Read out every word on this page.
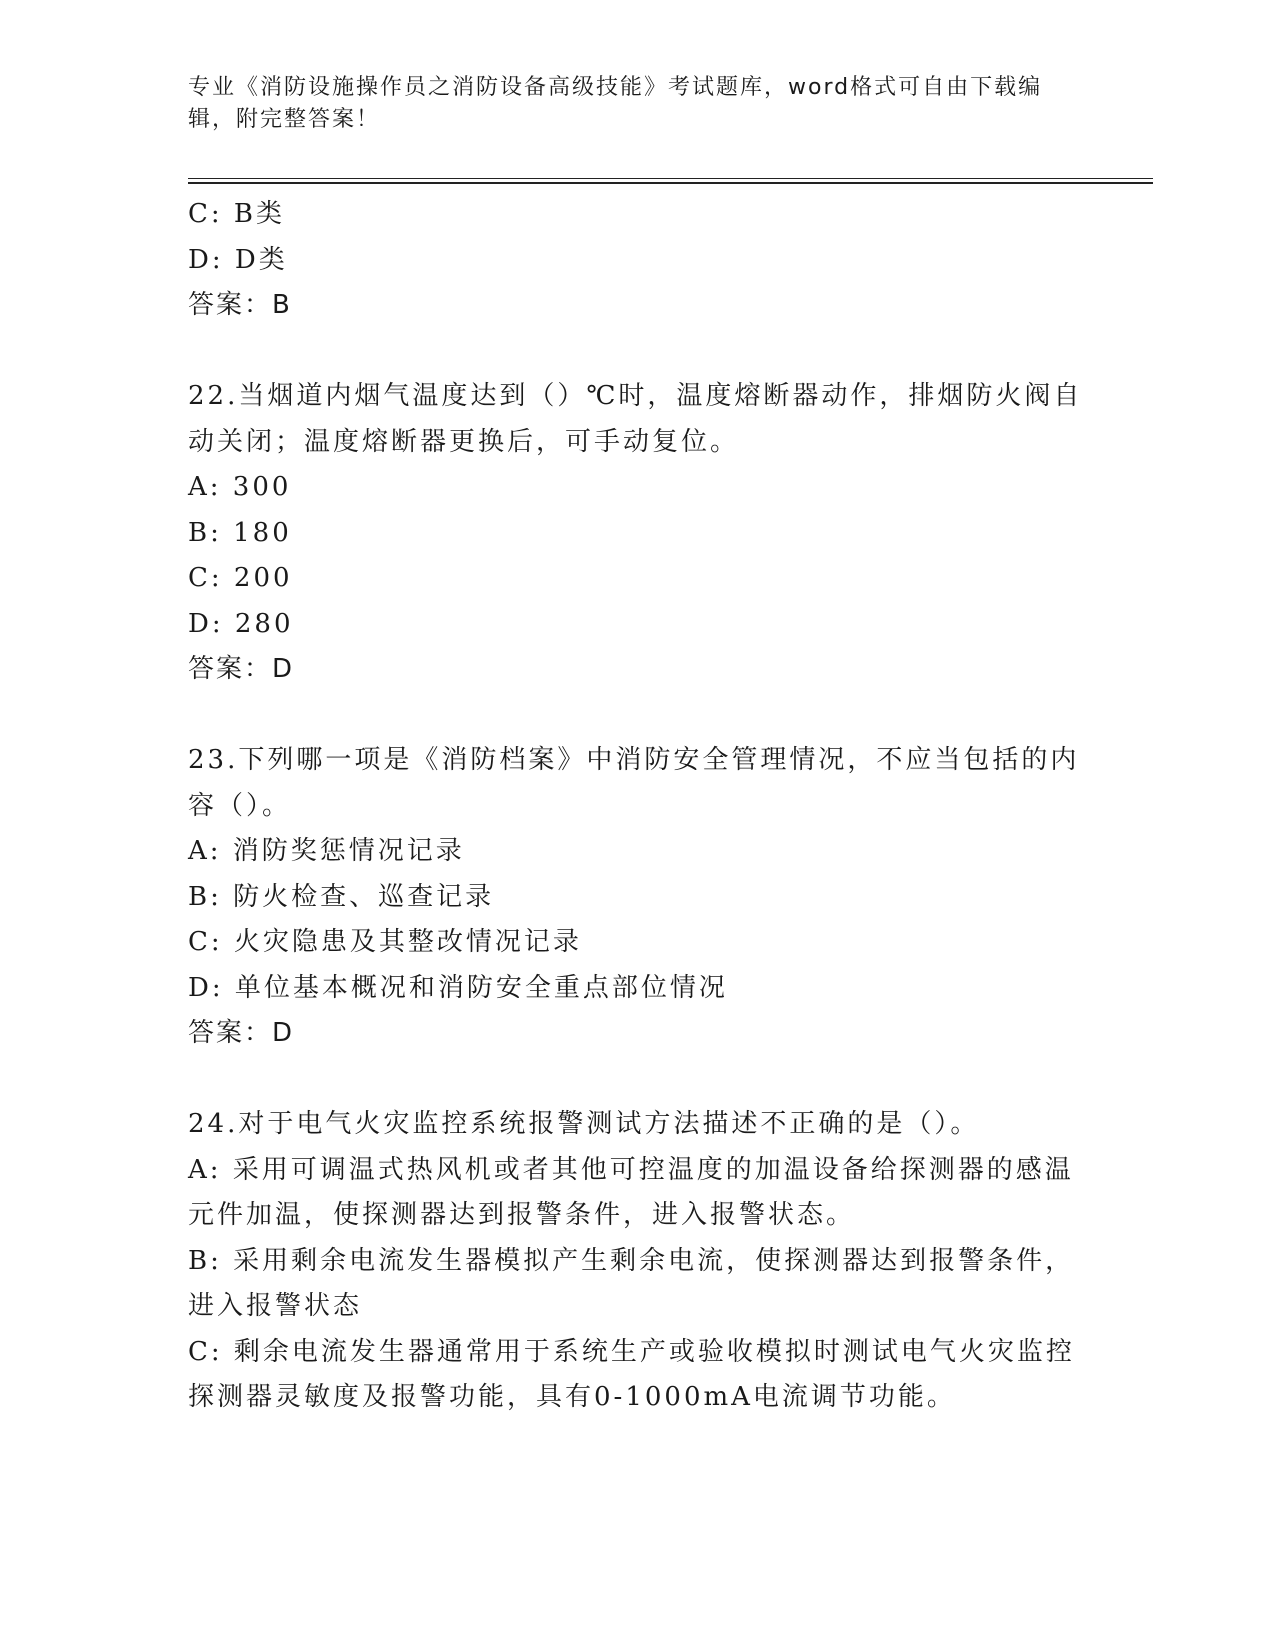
专业《消防设施操作员之消防设备高级技能》考试题库，word格式可自由下载编
辑，附完整答案！
C: B类
D: D类
答案：B
22.当烟道内烟气温度达到（）℃时，温度熔断器动作，排烟防火阀自
动关闭；温度熔断器更换后，可手动复位。
A: 300
B: 180
C: 200
D: 280
答案：D
23.下列哪一项是《消防档案》中消防安全管理情况，不应当包括的内
容（）。
A: 消防奖惩情况记录
B: 防火检查、巡查记录
C: 火灾隐患及其整改情况记录
D: 单位基本概况和消防安全重点部位情况
答案：D
24.对于电气火灾监控系统报警测试方法描述不正确的是（）。
A: 采用可调温式热风机或者其他可控温度的加温设备给探测器的感温
元件加温，使探测器达到报警条件，进入报警状态。
B: 采用剩余电流发生器模拟产生剩余电流，使探测器达到报警条件，
进入报警状态
C: 剩余电流发生器通常用于系统生产或验收模拟时测试电气火灾监控
探测器灵敏度及报警功能，具有0-1000mA电流调节功能。
